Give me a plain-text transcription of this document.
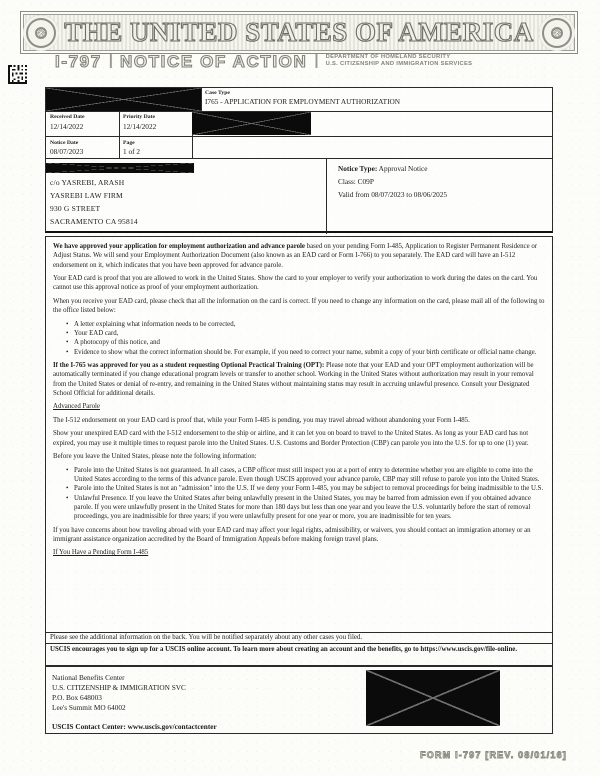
THE UNITED STATES OF AMERICA
I-797 | NOTICE OF ACTION | DEPARTMENT OF HOMELAND SECURITY
U.S. CITIZENSHIP AND IMMIGRATION SERVICES
Case Type
I765 - APPLICATION FOR EMPLOYMENT AUTHORIZATION
Received Date
12/14/2022
Priority Date
12/14/2022
Notice Date
08/07/2023
Page
1 of 2
c/o YASREBI, ARASH
YASREBI LAW FIRM
930 G STREET
SACRAMENTO CA 95814
Notice Type: Approval Notice
Class: C09P
Valid from 08/07/2023 to 08/06/2025

We have approved your application for employment authorization and advance parole based on your pending Form I-485, Application to Register Permanent Residence or Adjust Status. We will send your Employment Authorization Document (also known as an EAD card or Form I-766) to you separately. The EAD card will have an I-512 endorsement on it, which indicates that you have been approved for advance parole.

Your EAD card is proof that you are allowed to work in the United States. Show the card to your employer to verify your authorization to work during the dates on the card. You cannot use this approval notice as proof of your employment authorization.

When you receive your EAD card, please check that all the information on the card is correct. If you need to change any information on the card, please mail all of the following to the office listed below:

• A letter explaining what information needs to be corrected,
• Your EAD card,
• A photocopy of this notice, and
• Evidence to show what the correct information should be. For example, if you need to correct your name, submit a copy of your birth certificate or official name change.

If the I-765 was approved for you as a student requesting Optional Practical Training (OPT): Please note that your EAD and your OPT employment authorization will be automatically terminated if you change educational program levels or transfer to another school. Working in the United States without authorization may result in your removal from the United States or denial of re-entry, and remaining in the United States without maintaining status may result in accruing unlawful presence. Consult your Designated School Official for additional details.

Advanced Parole

The I-512 endorsement on your EAD card is proof that, while your Form I-485 is pending, you may travel abroad without abandoning your Form I-485.

Show your unexpired EAD card with the I-512 endorsement to the ship or airline, and it can let you on board to travel to the United States. As long as your EAD card has not expired, you may use it multiple times to request parole into the United States. U.S. Customs and Border Protection (CBP) can parole you into the U.S. for up to one (1) year.

Before you leave the United States, please note the following information:

• Parole into the United States is not guaranteed. In all cases, a CBP officer must still inspect you at a port of entry to determine whether you are eligible to come into the United States according to the terms of this advance parole. Even though USCIS approved your advance parole, CBP may still refuse to parole you into the United States.
• Parole into the United States is not an "admission" into the U.S. If we deny your Form I-485, you may be subject to removal proceedings for being inadmissible to the U.S.
• Unlawful Presence. If you leave the United States after being unlawfully present in the United States, you may be barred from admission even if you obtained advance parole. If you were unlawfully present in the United States for more than 180 days but less than one year and you leave the U.S. voluntarily before the start of removal proceedings, you are inadmissible for three years; if you were unlawfully present for one year or more, you are inadmissible for ten years.

If you have concerns about how traveling abroad with your EAD card may affect your legal rights, admissibility, or waivers, you should contact an immigration attorney or an immigrant assistance organization accredited by the Board of Immigration Appeals before making foreign travel plans.

If You Have a Pending Form I-485

Please see the additional information on the back. You will be notified separately about any other cases you filed.
USCIS encourages you to sign up for a USCIS online account. To learn more about creating an account and the benefits, go to https://www.uscis.gov/file-online.
National Benefits Center
U.S. CITIZENSHIP & IMMIGRATION SVC
P.O. Box 648003
Lee's Summit MO 64002
USCIS Contact Center: www.uscis.gov/contactcenter
FORM I-797 [REV. 08/01/16]
